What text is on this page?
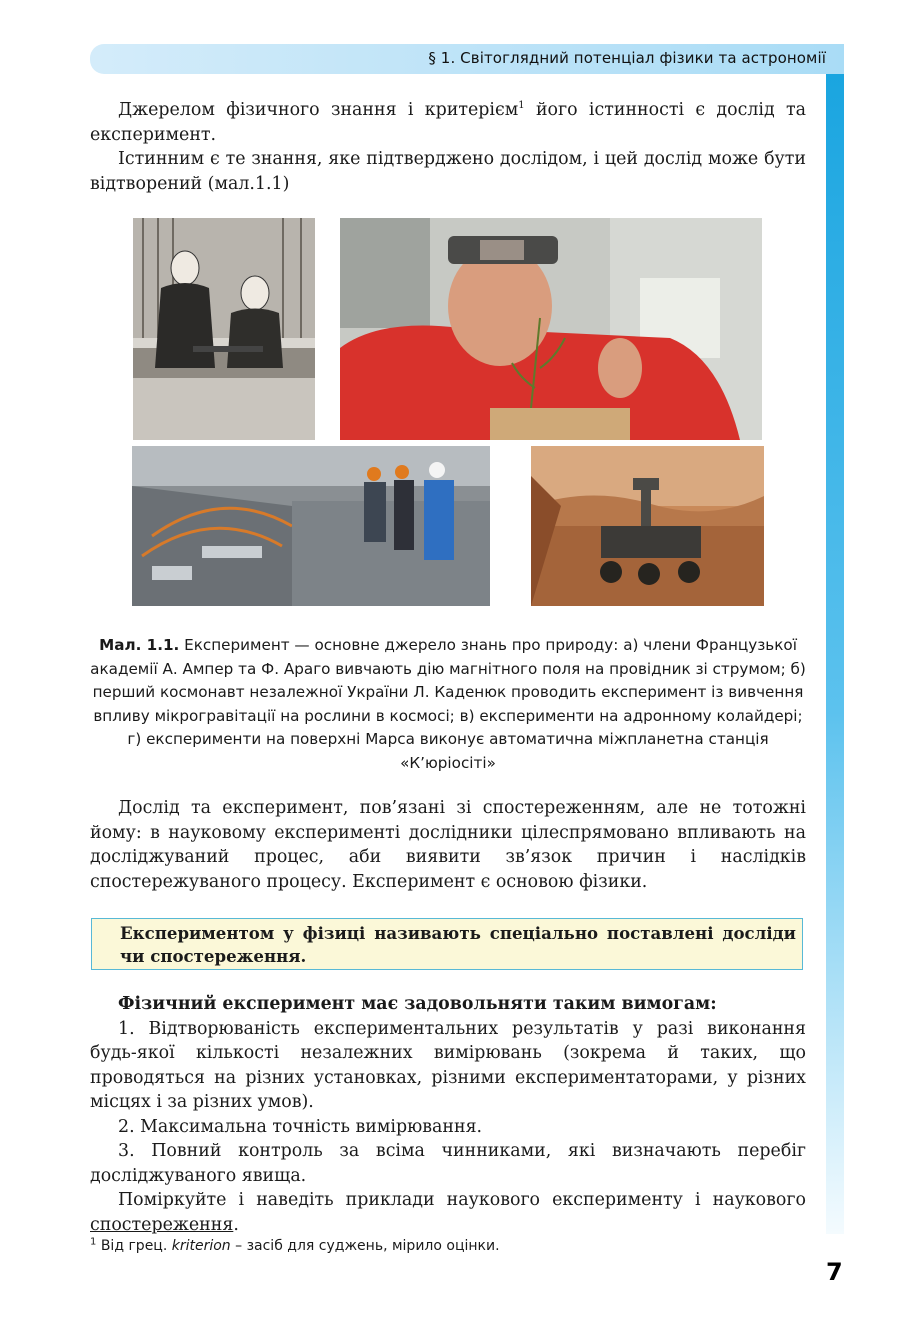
§ 1. Світоглядний потенціал фізики та астрономії

Джерелом фізичного знання і критерієм$^1$ його істинності є дослід та експеримент.

Істинним є те знання, яке підтверджено дослідом, і цей дослід може бути відтворений (мал.1.1)

Мал. 1.1. Експеримент — основне джерело знань про природу: а) члени Французької академії А. Ампер та Ф. Араго вивчають дію магнітного поля на провідник зі струмом; б) перший космонавт незалежної України Л. Каденюк проводить експеримент із вивчення впливу мікрогравітації на рослини в космосі; в) експерименти на адронному колайдері; г) експерименти на поверхні Марса виконує автоматична міжпланетна станція «К’юріосіті»

Дослід та експеримент, пов’язані зі спостереженням, але не тотожні йому: в науковому експерименті дослідники цілеспрямовано впливають на досліджуваний процес, аби виявити зв’язок причин і наслідків спостережуваного процесу. Експеримент є основою фізики.

Експериментом у фізиці називають спеціально поставлені досліди чи спостереження.

Фізичний експеримент має задовольняти таким вимогам:

1. Відтворюваність експериментальних результатів у разі виконання будь-якої кількості незалежних вимірювань (зокрема й таких, що проводяться на різних установках, різними експериментаторами, у різних місцях і за різних умов).

2. Максимальна точність вимірювання.

3. Повний контроль за всіма чинниками, які визначають перебіг досліджуваного явища.

Поміркуйте і наведіть приклади наукового експерименту і наукового спостереження.

$^1$ Від грец. kriterion – засіб для суджень, мірило оцінки.
7
